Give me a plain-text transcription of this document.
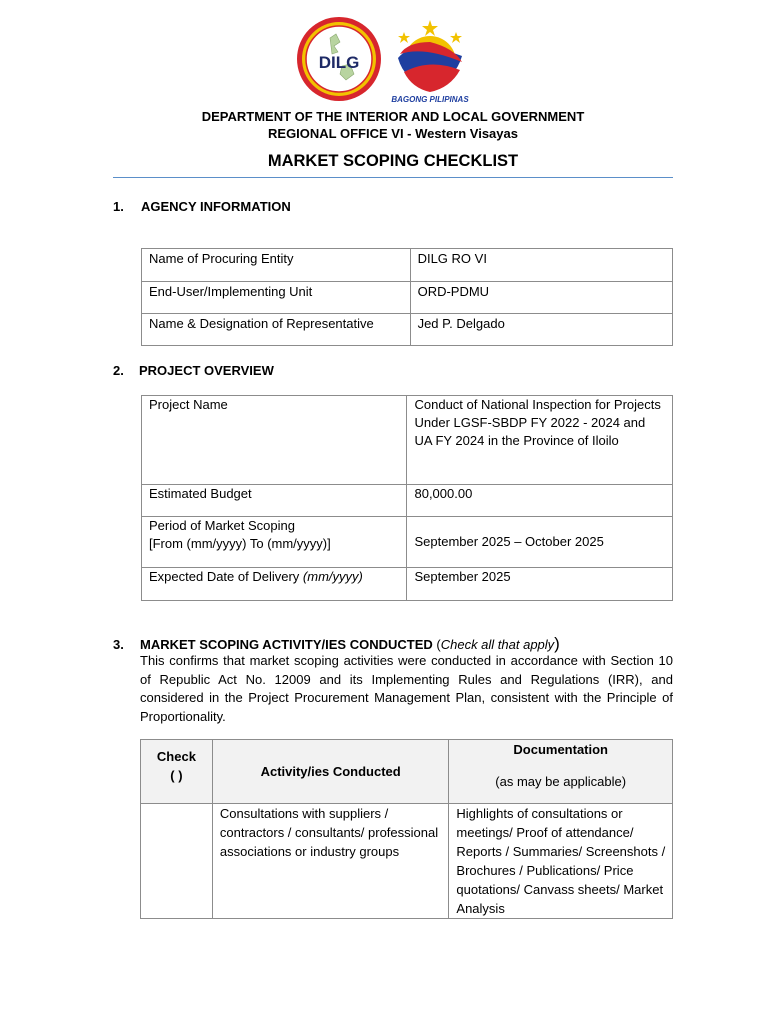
DILG
BAGONG PILIPINAS
DEPARTMENT OF THE INTERIOR AND LOCAL GOVERNMENT
REGIONAL OFFICE VI - Western Visayas
MARKET SCOPING CHECKLIST
1. AGENCY INFORMATION
Name of Procuring Entity	DILG RO VI

End-User/Implementing Unit	ORD-PDMU

Name & Designation of Representative	Jed P. Delgado
2. PROJECT OVERVIEW
Project Name	Conduct of National Inspection for Projects Under LGSF-SBDP FY 2022 - 2024 and UA FY 2024 in the Province of Iloilo

Estimated Budget	80,000.00

Period of Market Scoping
[From (mm/yyyy) To (mm/yyyy)]	September 2025 – October 2025

Expected Date of Delivery (mm/yyyy)	September 2025
3. MARKET SCOPING ACTIVITY/IES CONDUCTED (Check all that apply)
This confirms that market scoping activities were conducted in accordance with Section 10 of Republic Act No. 12009 and its Implementing Rules and Regulations (IRR), and considered in the Project Procurement Management Plan, consistent with the Principle of Proportionality.
Check
( )	Activity/ies Conducted	Documentation
(as may be applicable)

	Consultations with suppliers / contractors / consultants/ professional associations or industry groups	Highlights of consultations or meetings/ Proof of attendance/ Reports / Summaries/ Screenshots / Brochures / Publications/ Price quotations/ Canvass sheets/ Market Analysis
